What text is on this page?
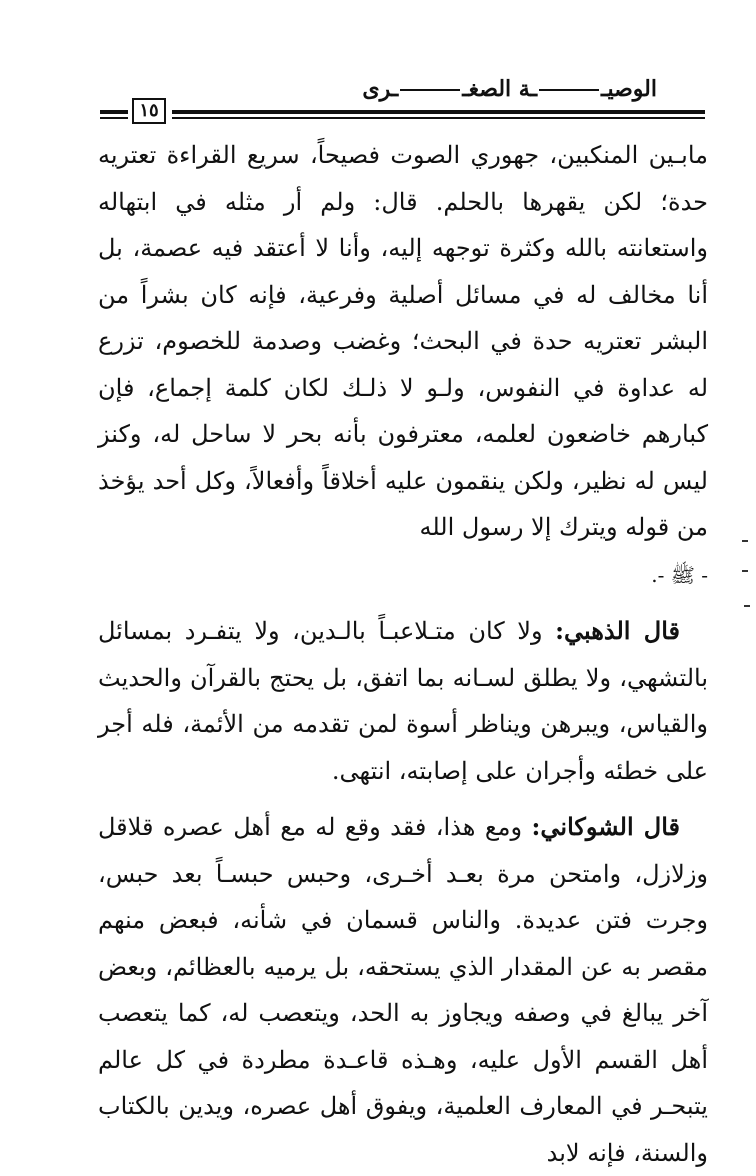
الوصيــة الصغــرى
١٥

مابـين المنكبين، جهوري الصوت فصيحاً، سريع القراءة تعتريه حدة؛ لكن يقهرها بالحلم. قال: ولم أر مثله في ابتهاله واستعانته بالله وكثرة توجهه إليه، وأنا لا أعتقد فيه عصمة، بل أنا مخالف له في مسائل أصلية وفرعية، فإنه كان بشراً من البشر تعتريه حدة في البحث؛ وغضب وصدمة للخصوم، تزرع له عداوة في النفوس، ولـو لا ذلـك لكان كلمة إجماع، فإن كبارهم خاضعون لعلمه، معترفون بأنه بحر لا ساحل له، وكنز ليس له نظير، ولكن ينقمون عليه أخلاقاً وأفعالاً، وكل أحد يؤخذ من قوله ويترك إلا رسول الله
- ﷺ -.

قال الذهبي: ولا كان متـلاعبـاً بالـدين، ولا يتفـرد بمسائل بالتشهي، ولا يطلق لسـانه بما اتفق، بل يحتج بالقرآن والحديث والقياس، ويبرهن ويناظر أسوة لمن تقدمه من الأئمة، فله أجر على خطئه وأجران على إصابته، انتهى.

قال الشوكاني: ومع هذا، فقد وقع له مع أهل عصره قلاقل وزلازل، وامتحن مرة بعـد أخـرى، وحبس حبسـاً بعد حبس، وجرت فتن عديدة. والناس قسمان في شأنه، فبعض منهم مقصر به عن المقدار الذي يستحقه، بل يرميه بالعظائم، وبعض آخر يبالغ في وصفه ويجاوز به الحد، ويتعصب له، كما يتعصب أهل القسم الأول عليه، وهـذه قاعـدة مطردة في كل عالم يتبحـر في المعارف العلمية، ويفوق أهل عصره، ويدين بالكتاب والسنة، فإنه لابد
